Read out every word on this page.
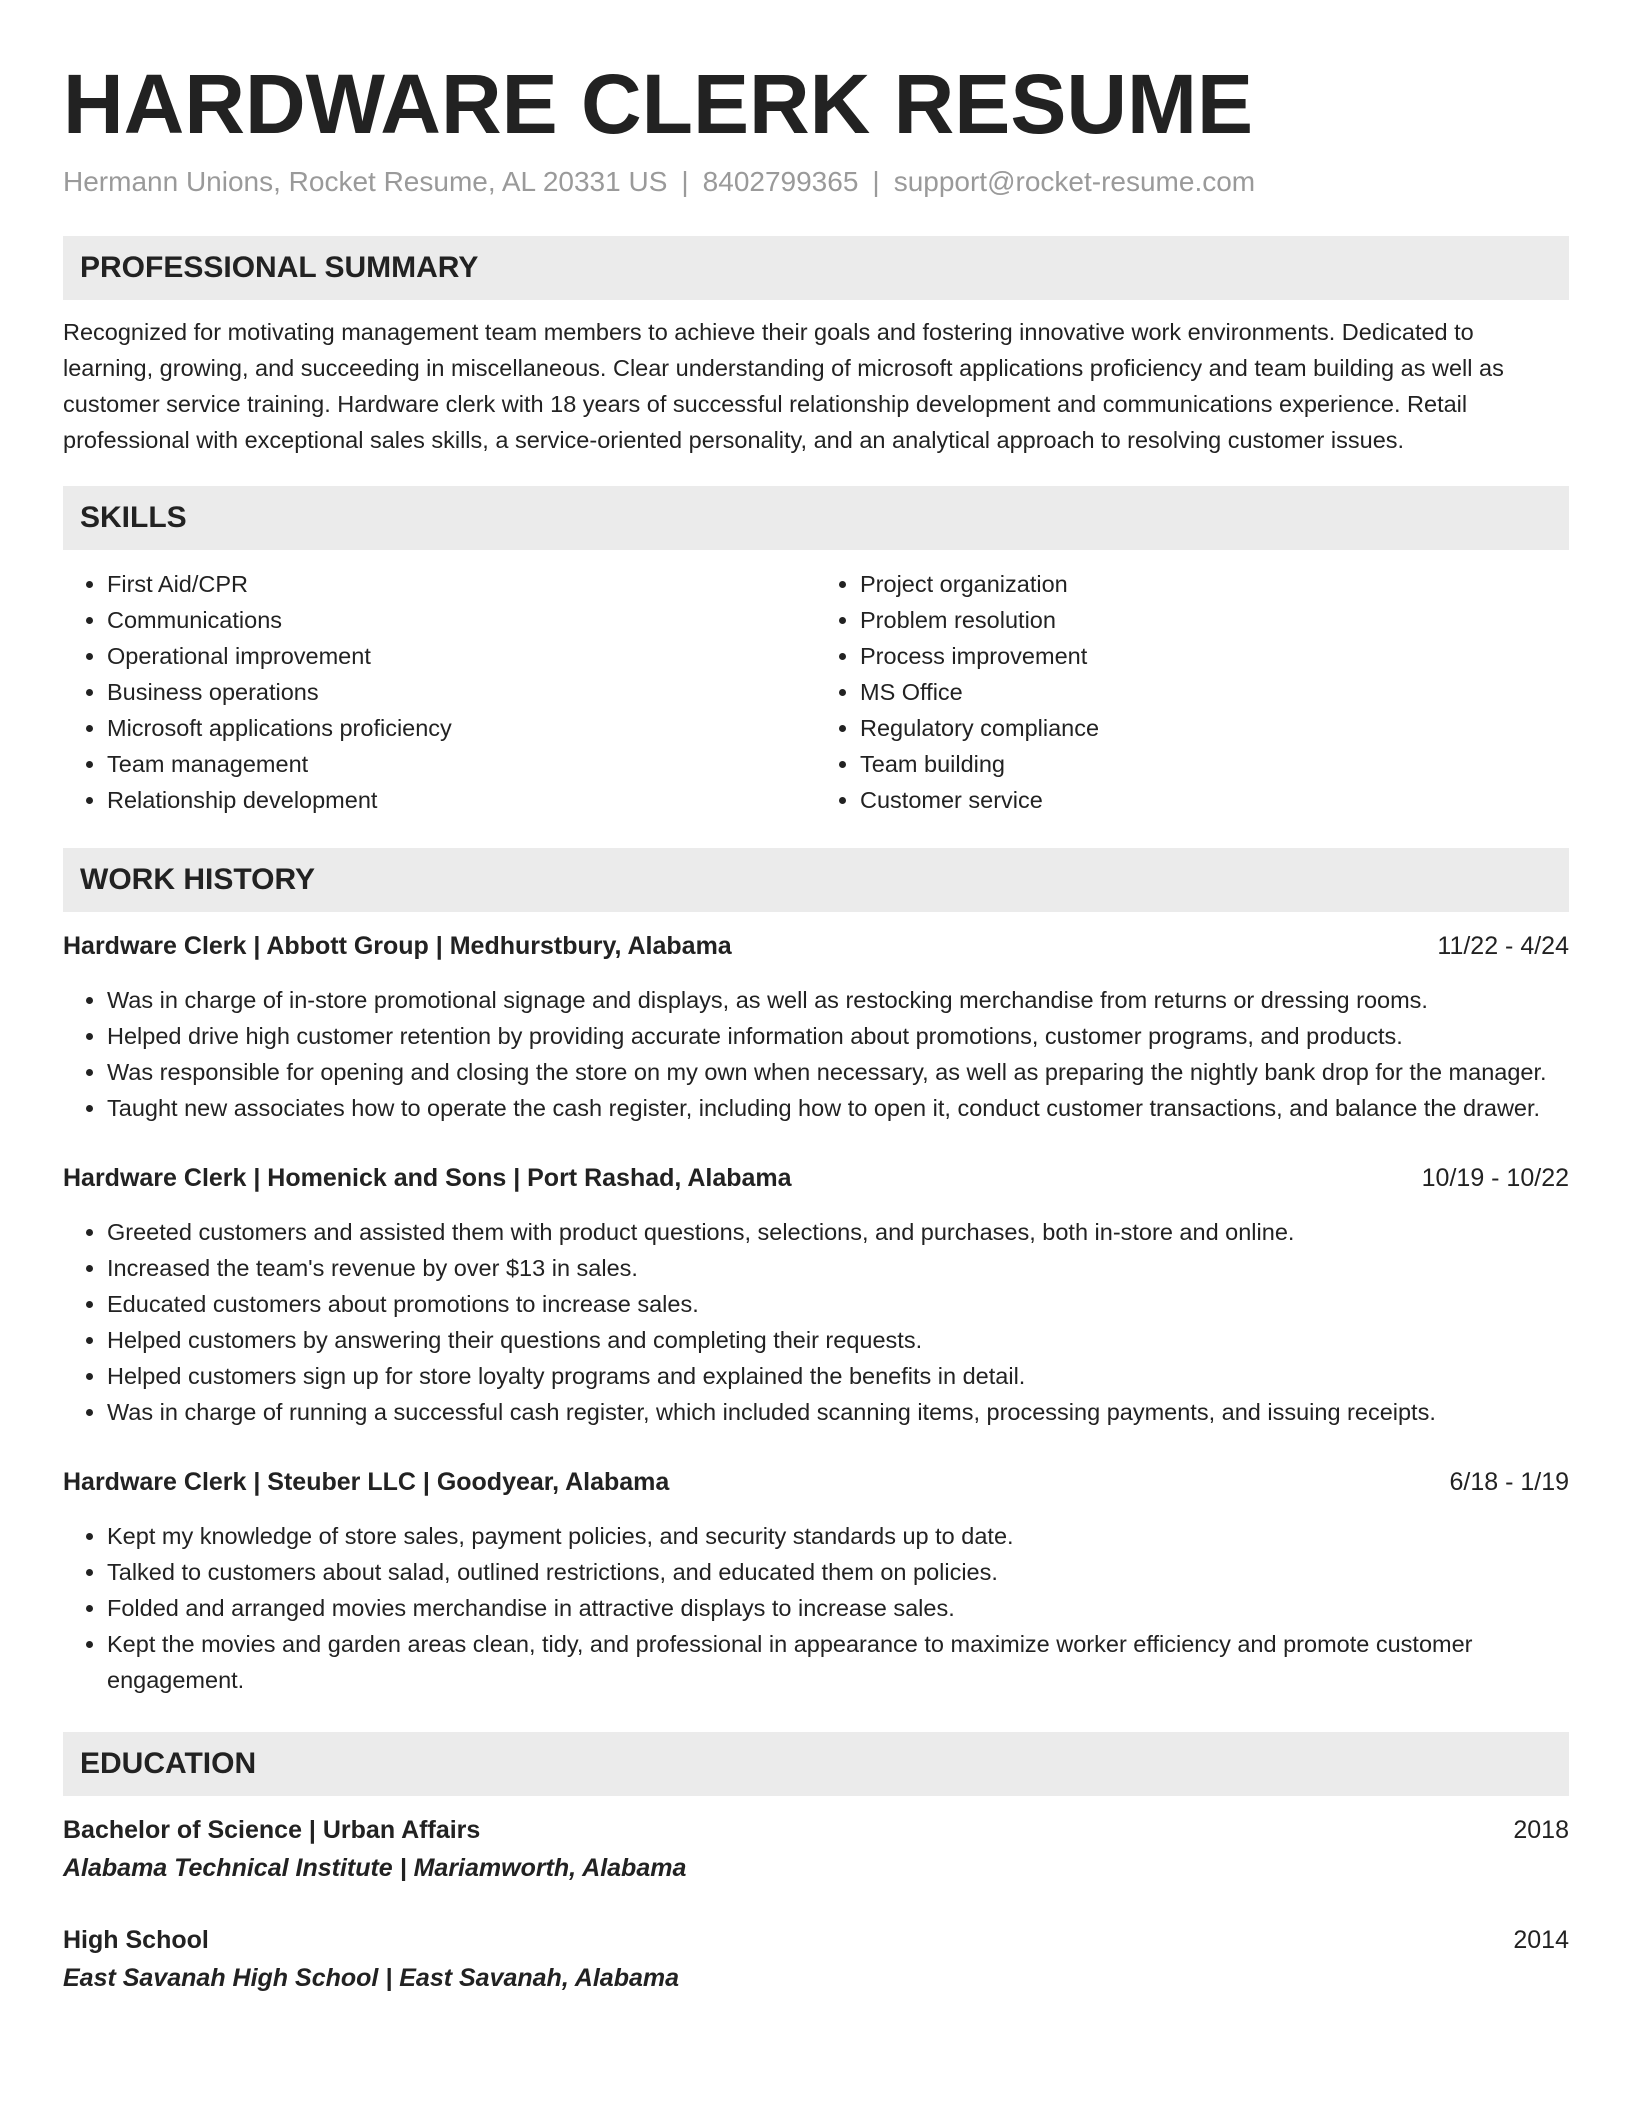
HARDWARE CLERK RESUME
Hermann Unions, Rocket Resume, AL 20331 US | 8402799365 | support@rocket-resume.com
PROFESSIONAL SUMMARY
Recognized for motivating management team members to achieve their goals and fostering innovative work environments. Dedicated to learning, growing, and succeeding in miscellaneous. Clear understanding of microsoft applications proficiency and team building as well as customer service training. Hardware clerk with 18 years of successful relationship development and communications experience. Retail professional with exceptional sales skills, a service-oriented personality, and an analytical approach to resolving customer issues.
SKILLS
• First Aid/CPR
• Communications
• Operational improvement
• Business operations
• Microsoft applications proficiency
• Team management
• Relationship development
• Project organization
• Problem resolution
• Process improvement
• MS Office
• Regulatory compliance
• Team building
• Customer service
WORK HISTORY
Hardware Clerk | Abbott Group | Medhurstbury, Alabama	11/22 - 4/24
• Was in charge of in-store promotional signage and displays, as well as restocking merchandise from returns or dressing rooms.
• Helped drive high customer retention by providing accurate information about promotions, customer programs, and products.
• Was responsible for opening and closing the store on my own when necessary, as well as preparing the nightly bank drop for the manager.
• Taught new associates how to operate the cash register, including how to open it, conduct customer transactions, and balance the drawer.
Hardware Clerk | Homenick and Sons | Port Rashad, Alabama	10/19 - 10/22
• Greeted customers and assisted them with product questions, selections, and purchases, both in-store and online.
• Increased the team's revenue by over $13 in sales.
• Educated customers about promotions to increase sales.
• Helped customers by answering their questions and completing their requests.
• Helped customers sign up for store loyalty programs and explained the benefits in detail.
• Was in charge of running a successful cash register, which included scanning items, processing payments, and issuing receipts.
Hardware Clerk | Steuber LLC | Goodyear, Alabama	6/18 - 1/19
• Kept my knowledge of store sales, payment policies, and security standards up to date.
• Talked to customers about salad, outlined restrictions, and educated them on policies.
• Folded and arranged movies merchandise in attractive displays to increase sales.
• Kept the movies and garden areas clean, tidy, and professional in appearance to maximize worker efficiency and promote customer engagement.
EDUCATION
Bachelor of Science | Urban Affairs	2018
Alabama Technical Institute | Mariamworth, Alabama
High School	2014
East Savanah High School | East Savanah, Alabama
